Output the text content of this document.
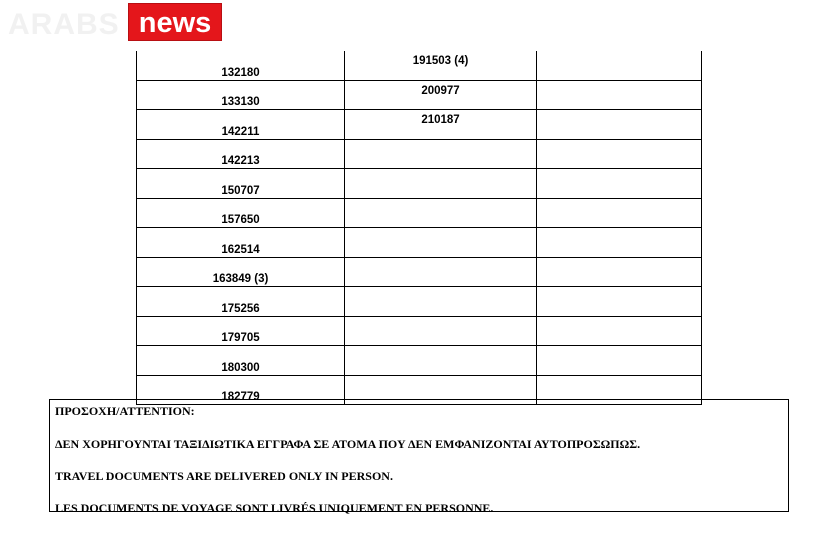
ARABS news
132180	191503 (4)	
133130	200977	
142211	210187	
142213		
150707		
157650		
162514		
163849 (3)		
175256		
179705		
180300		
182779		

ΠΡΟΣΟΧΗ/ATTENTION:

ΔΕΝ ΧΟΡΗΓΟΥΝΤΑΙ ΤΑΞΙΔΙΩΤΙΚΑ ΕΓΓΡΑΦΑ ΣΕ ΑΤΟΜΑ ΠΟΥ ΔΕΝ ΕΜΦΑΝΙΖΟΝΤΑΙ ΑΥΤΟΠΡΟΣΩΠΩΣ.

TRAVEL DOCUMENTS ARE DELIVERED ONLY IN PERSON.

LES DOCUMENTS DE VOYAGE SONT LIVRÉS UNIQUEMENT EN PERSONNE.
